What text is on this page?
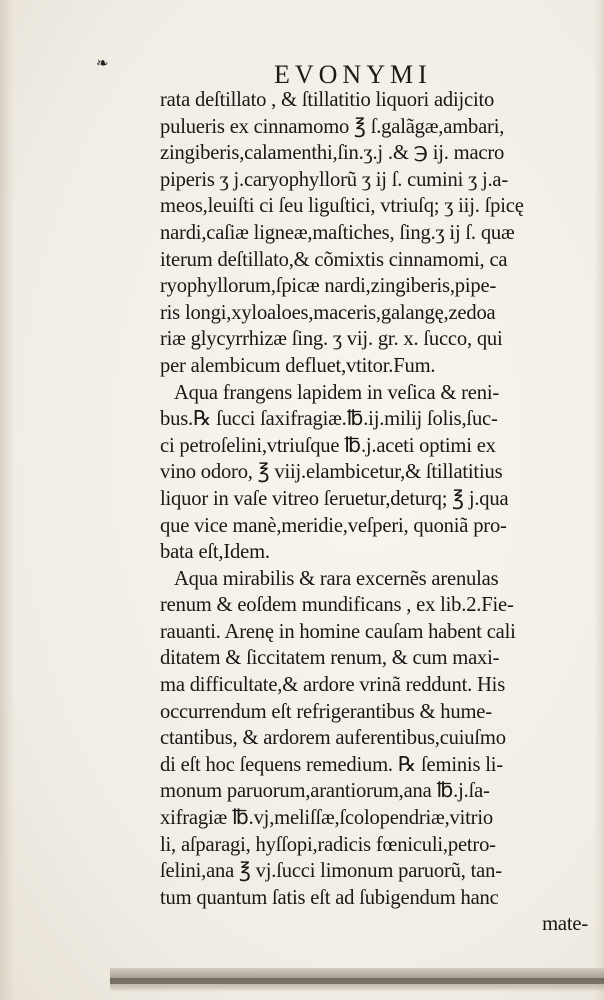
❧	EVONYMI
rata deſtillato , & ſtillatitio liquori adijcito
pulueris ex cinnamomo ℥ ſ.galãgæ,ambari,
zingiberis,calamenthi,ſin.ʒ.j .& ℈ ij. macro
piperis ʒ j.caryophyllorũ ʒ ij ſ. cumini ʒ j.a-
meos,leuiſti ci ſeu liguſtici, vtriuſq; ʒ iij. ſpicę
nardi,caſiæ ligneæ,maſtiches, ſing.ʒ ij ſ. quæ
iterum deſtillato,& cõmixtis cinnamomi, ca
ryophyllorum,ſpicæ nardi,zingiberis,pipe-
ris longi,xyloaloes,maceris,galangę,zedoa
riæ glycyrrhizæ ſing. ʒ vij. gr. x. ſucco, qui
per alembicum defluet,vtitor.Fum.
Aqua frangens lapidem in veſica & reni-
bus.℞ ſucci ſaxifragiæ.℔.ij.milij ſolis,ſuc-
ci petroſelini,vtriuſque ℔.j.aceti optimi ex
vino odoro, ℥ viij.elambicetur,& ſtillatitius
liquor in vaſe vitreo ſeruetur,deturq; ℥ j.qua
que vice manè,meridie,veſperi, quoniã pro-
bata eſt,Idem.
Aqua mirabilis & rara excernẽs arenulas
renum & eoſdem mundificans , ex lib.2.Fie-
rauanti. Arenę in homine cauſam habent cali
ditatem & ſiccitatem renum, & cum maxi-
ma difficultate,& ardore vrinã reddunt. His
occurrendum eſt refrigerantibus & hume-
ctantibus, & ardorem auferentibus,cuiuſmo
di eſt hoc ſequens remedium. ℞ ſeminis li-
monum paruorum,arantiorum,ana ℔.j.ſa-
xifragiæ ℔.vj,meliſſæ,ſcolopendriæ,vitrio
li, aſparagi, hyſſopi,radicis fœniculi,petro-
ſelini,ana ℥ vj.ſucci limonum paruorũ, tan-
tum quantum ſatis eſt ad ſubigendum hanc
mate-
